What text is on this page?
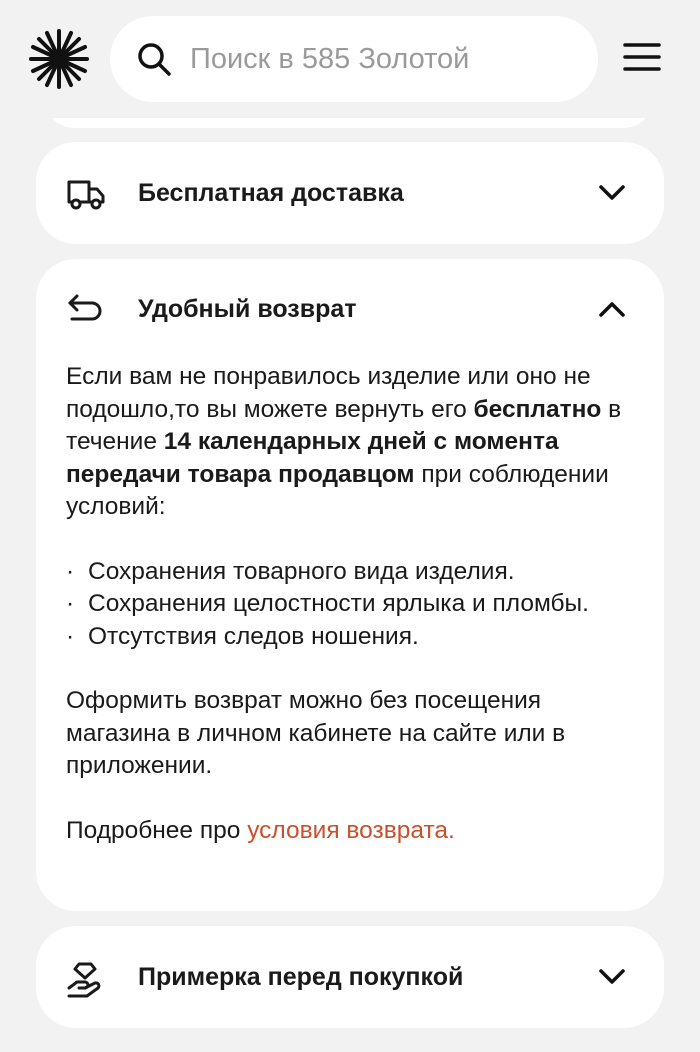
Поиск в 585 Золотой
Бесплатная доставка
Удобный возврат

Если вам не понравилось изделие или оно не подошло,то вы можете вернуть его бесплатно в течение 14 календарных дней с момента передачи товара продавцом при соблюдении условий:

· Сохранения товарного вида изделия.
· Сохранения целостности ярлыка и пломбы.
· Отсутствия следов ношения.

Оформить возврат можно без посещения магазина в личном кабинете на сайте или в приложении.

Подробнее про условия возврата.

Примерка перед покупкой
